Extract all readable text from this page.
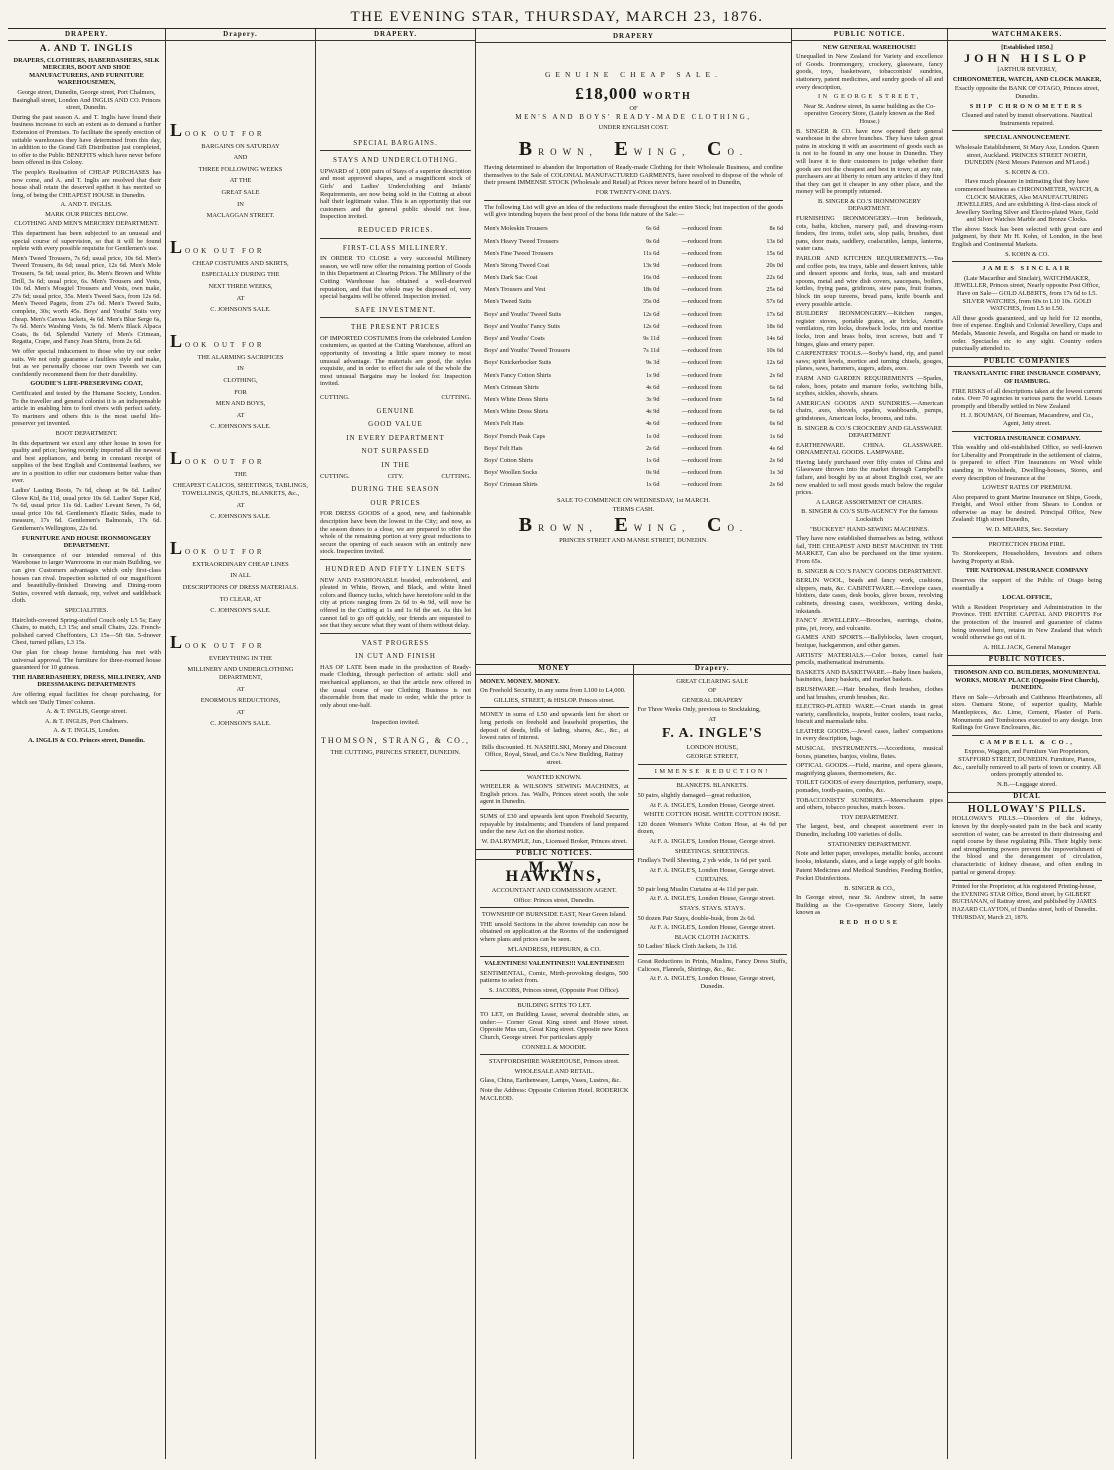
THE EVENING STAR, THURSDAY, MARCH 23, 1876.
DRAPERY.
A. AND T. INGLIS
DRAPERS, CLOTHIERS, HABERDASHERS, SILK MERCERS, BOOT AND SHOE MANUFACTURERS, AND FURNITURE WAREHOUSEMEN,
George street, Dunedin, George street, Port Chalmers, Basinghall street, London And INGLIS AND CO. Princes street, Dunedin.
During the past season A. and T. Inglis have found their business increase to such an extent as to demand a further Extension of Premises. To facilitate the speedy erection of suitable warehouses they have determined from this day, in addition to the Grand Gift Distribution just completed, to offer to the Public BENEFITS which have never before been offered in this Colony.
The people's Realisation of CHEAP PURCHASES has now come, and A. and T. Inglis are resolved that their house shall retain the deserved epithet it has merited so long, of being the CHEAPEST HOUSE in Dunedin.
A. AND T. INGLIS.
MARK OUR PRICES BELOW.
CLOTHING AND MEN'S MERCERY DEPARTMENT.
This department has been subjected to an unusual and special course of supervision, so that it will be found replete with every possible requisite for Gentlemen's use.
Men's Tweed Trousers, 7s 6d; usual price, 10s 6d. Men's Tweed Trousers, 8s 6d; usual price, 12s 6d. Men's Mole Trousers, 5s 6d; usual price, 8s. Men's Brown and White Drill, 3s 6d; usual price, 6s. Men's Trousers and Vests, 10s 6d. Men's Mosgiel Trousers and Vests, own make, 27s 6d; usual price, 35s. Men's Tweed Sacs, from 12s 6d. Men's Tweed Pagets, from 27s 6d. Men's Tweed Suits, complete, 30s; worth 45s. Boys' and Youths' Suits very cheap. Men's Canvas Jackets, 4s 6d. Men's Blue Serge 6s, 7s 6d. Men's Washing Vests, 3s 6d. Men's Black Alpaca Coats, 8s 6d. Splendid Variety of Men's Crimean, Regatta, Crape, and Fancy Jean Shirts, from 2s 6d.
We offer special inducement to those who try our order suits. We not only guarantee a faultless style and make, but as we personally choose our own Tweeds we can confidently recommend them for their durability.
GOUDIE'S LIFE-PRESERVING COAT,
Certificated and tested by the Humane Society, London. To the traveller and general colonist it is an indispensable article in enabling him to ford rivers with perfect safety. To mariners and others this is the most useful life-preserver yet invented.
BOOT DEPARTMENT.
In this department we excel any other house in town for quality and price; having recently imported all the newest and best appliances, and being in constant receipt of supplies of the best English and Continental leathers, we are in a position to offer our customers better value than ever.
Ladies' Lasting Boots, 7s 6d, cheap at 9s 6d. Ladies' Glove Kid, 8s 11d, usual price 10s 6d. Ladies' Super Kid, 7s 6d, usual price 11s 6d. Ladies' Levant Sewn, 7s 6d, usual price 10s 6d. Gentlemen's Elastic Sides, made to measure, 17s 6d. Gentlemen's Balmorals, 17s 6d. Gentlemen's Wellingtons, 22s 6d.
FURNITURE AND HOUSE IRONMONGERY DEPARTMENT.
In consequence of our intended removal of this Warehouse to larger Warerooms in our main Building, we can give Customers advantages which only first-class houses can rival. Inspection solicited of our magnificent and beautifully-finished Drawing and Dining-room Suites, covered with damask, rep, velvet and saddleback cloth.
SPECIALITIES.
Haircloth-covered Spring-stuffed Couch only L5 5s; Easy Chairs, to match, L3 15s; and small Chairs, 22s. French-polished carved Cheffoniers, L3 15s—5ft 6in. 5-drawer Chest, turned pillars, L3 15s.
Our plan for cheap house furnishing has met with universal approval. The furniture for three-roomed house guaranteed for 10 guineas.
THE HABERDASHERY, DRESS, MILLINERY, AND DRESSMAKING DEPARTMENTS
Are offering equal facilities for cheap purchasing, for which see 'Daily Times' column.
A. & T. INGLIS, George street.
A. & T. INGLIS, Port Chalmers.
A. & T. INGLIS, London.
A. INGLIS & CO. Princes street, Dunedin.
Drapery.
L OOK OUT FOR
BARGAINS ON SATURDAY
AND
THREE FOLLOWING WEEKS
AT THE
GREAT SALE
IN
MACLAGGAN STREET.
L OOK OUT FOR
CHEAP COSTUMES AND SKIRTS,
ESPECIALLY DURING THE
NEXT THREE WEEKS,
AT
C. JOHNSON'S SALE.
L OOK OUT FOR
THE ALARMING SACRIFICES
IN
CLOTHING,
FOR
MEN AND BOYS,
AT
C. JOHNSON'S SALE.
L OOK OUT FOR
THE
CHEAPEST CALICOS, SHEETINGS, TABLINGS, TOWELLINGS, QUILTS, BLANKETS, &c.,
AT
C. JOHNSON'S SALE.
L OOK OUT FOR
EXTRAORDINARY CHEAP LINES
IN ALL
DESCRIPTIONS OF DRESS MATERIALS.
TO CLEAR, AT
C. JOHNSON'S SALE.
L OOK OUT FOR
EVERYTHING IN THE
MILLINERY AND UNDERCLOTHING DEPARTMENT,
AT
ENORMOUS REDUCTIONS,
AT
C. JOHNSON'S SALE.
DRAPERY.
SPECIAL BARGAINS.
STAYS AND UNDERCLOTHING.
UPWARD of 1,000 pairs of Stays of a superior description and most approved shapes, and a magnificent stock of Girls' and Ladies' Underclothing and Infants' Requirements, are now being sold in the Cutting at about half their legitimate value. This is an opportunity that our customers and the general public should not lose. Inspection invited.
REDUCED PRICES.
FIRST-CLASS MILLINERY.
IN ORDER TO CLOSE a very successful Millinery season, we will now offer the remaining portion of Goods in this Department at Clearing Prices. The Millinery of the Cutting Warehouse has obtained a well-deserved reputation, and that the whole may be disposed of, very special bargains will be offered. Inspection invited.
SAFE INVESTMENT.
THE PRESENT PRICES
OF IMPORTED COSTUMES from the celebrated London costumiers, as quoted at the Cutting Warehouse, afford an opportunity of investing a little spare money to most unusual advantage. The materials are good, the styles exquisite, and in order to effect the sale of the whole the most unusual Bargains may be looked for. Inspection invited.
CUTTING.	CUTTING.
GENUINE
GOOD VALUE
IN EVERY DEPARTMENT
NOT SURPASSED
IN THE
CUTTING.	CITY.	CUTTING.
DURING THE SEASON
OUR PRICES
FOR DRESS GOODS of a good, new, and fashionable description have been the lowest in the City; and now, as the season draws to a close, we are prepared to offer the whole of the remaining portion at very great reductions to secure the opening of each season with an entirely new stock. Inspection invited.
HUNDRED AND FIFTY LINEN SETS
NEW AND FASHIONABLE braided, embroidered, and pleated in White, Brown, and Black, and white lined colors and fluency tucks, which have heretofore sold in the city at prices ranging from 2s 6d to 4s 9d, will now be offered in the Cutting at 1s and 1s 6d the set. As this lot cannot fail to go off quickly, our friends are requested to see that they secure what they want of them without delay.
VAST PROGRESS
IN CUT AND FINISH
HAS OF LATE been made in the production of Ready-made Clothing, through perfection of artistic skill and mechanical appliances, so that the article now offered in the usual course of our Clothing Business is not discernable from that made to order, while the price is only about one-half.
Inspection invited.
THOMSON, STRANG, & CO.,
THE CUTTING, PRINCES STREET, DUNEDIN.
DRAPERY
GENUINE CHEAP SALE.
£18,000 WORTH
OF
MEN'S AND BOYS' READY-MADE CLOTHING,
UNDER ENGLISH COST.
B ROWN,
E WING,
C O.
Having determined to abandon the Importation of Ready-made Clothing for their Wholesale Business, and confine themselves to the Sale of COLONIAL MANUFACTURED GARMENTS, have resolved to dispose of the whole of their present IMMENSE STOCK (Wholesale and Retail) at Prices never before heard of in Dunedin,
FOR TWENTY-ONE DAYS.
The following List will give an idea of the reductions made throughout the entire Stock; but inspection of the goods will give intending buyers the best proof of the bona fide nature of the Sale:—
Men's Moleskin Trousers	6s 6d	—reduced from	8s 6d
Men's Heavy Tweed Trousers	9s 6d	—reduced from	13s 6d
Men's Fine Tweed Trousers	11s 6d	—reduced from	15s 6d
Men's Strong Tweed Coat	13s 9d	—reduced from	20s 0d
Men's Dark Sac Coat	16s 0d	—reduced from	22s 6d
Men's Trousers and Vest	18s 0d	—reduced from	25s 6d
Men's Tweed Suits	35s 0d	—reduced from	57s 6d
Boys' and Youths' Tweed Suits	12s 6d	—reduced from	17s 6d
Boys' and Youths' Fancy Suits	12s 6d	—reduced from	18s 6d
Boys' and Youths' Coats	9s 11d	—reduced from	14s 6d
Boys' and Youths' Tweed Trousers	7s 11d	—reduced from	10s 6d
Boys' Knickerbocker Suits	9s 3d	—reduced from	12s 6d
Men's Fancy Cotton Shirts	1s 9d	—reduced from	2s 6d
Men's Crimean Shirts	4s 6d	—reduced from	6s 6d
Men's White Dress Shirts	3s 9d	—reduced from	5s 6d
Men's White Dress Shirts	4s 9d	—reduced from	6s 6d
Men's Felt Hats	4s 6d	—reduced from	6s 6d
Boys' French Peak Caps	1s 0d	—reduced from	1s 6d
Boys' Felt Hats	2s 6d	—reduced from	4s 6d
Boys' Cotton Shirts	1s 6d	—reduced from	2s 6d
Boys' Woollen Socks	0s 9d	—reduced from	1s 3d
Boys' Crimean Shirts	1s 6d	—reduced from	2s 6d
SALE TO COMMENCE ON WEDNESDAY, 1st MARCH.
TERMS CASH.
B ROWN,
E WING,
C O.
PRINCES STREET AND MANSE STREET, DUNEDIN.
MONEY
MONEY. MONEY. MONEY.
On Freehold Security, in any sums from L100 to L4,000.
GILLIES, STREET, & HISLOP. Princes street.
MONEY in sums of L50 and upwards lent for short or long periods on freehold and leasehold properties, the deposit of deeds, bills of lading, shares, &c., &c., at lowest rates of interest.
Bills discounted. H. NASHELSKI, Money and Discount Office, Royal, Stead, and Co.'s New Building, Rattray street.
WANTED KNOWN.
WHEELER & WILSON'S SEWING MACHINES, at English prices. Jas. Wall's, Princes street south, the sole agent in Dunedin.
SUMS of £30 and upwards lent upon Freehold Security, repayable by instalments; and Transfers of land prepared under the new Act on the shortest notice.
W. DALRYMPLE, Jun., Licensed Broker, Princes street.
PUBLIC NOTICES.
M. W. HAWKINS,
ACCOUNTANT AND COMMISSION AGENT.
Office: Princes street, Dunedin.
TOWNSHIP OF BURNSIDE EAST, Near Green Island.
THE unsold Sections in the above township can now be obtained on application at the Rooms of the undersigned where plans and prices can be seen.
M'LANDRESS, HEPBURN, & CO.
VALENTINES! VALENTINES!!! VALENTINES!!!
SENTIMENTAL, Comic, Mirth-provoking designs, 500 patterns to select from.
S. JACOBS, Princes street, (Opposite Post Office).
BUILDING SITES TO LET.
TO LET, on Building Lease, several desirable sites, as under:— Corner Great King street and Howe street. Opposite Mus um, Great King street. Opposite new Knox Church, George street. For particulars apply
CONNELL & MOODIE.
STAFFORDSHIRE WAREHOUSE, Princes street.
WHOLESALE AND RETAIL.
Glass, China, Earthenware, Lamps, Vases, Lustres, &c.
Note the Address: Opposite Criterion Hotel. RODERICK MACLEOD.
Drapery.
GREAT CLEARING SALE
OF
GENERAL DRAPERY
For Three Weeks Only, previous to Stocktaking,
AT
F. A. INGLE'S
LONDON HOUSE,
GEORGE STREET,
IMMENSE REDUCTION!
BLANKETS. BLANKETS.
50 pairs, slightly damaged—great reduction,
At F. A. INGLE'S, London House, George street.
WHITE COTTON HOSE. WHITE COTTON HOSE.
120 dozen Women's White Cotton Hose, at 4s 6d per dozen,
At F. A. INGLE'S, London House, George street.
SHEETINGS. SHEETINGS.
Findlay's Twill Sheeting, 2 yds wide, 1s 6d per yard.
At F. A. INGLE'S, London House, George street.
CURTAINS.
50 pair long Muslin Curtains at 4s 11d per pair.
At F. A. INGLE'S, London House, George street.
STAYS. STAYS. STAYS.
50 dozen Pair Stays, double-busk, from 2s 6d.
At F. A. INGLE'S, London House, George street.
BLACK CLOTH JACKETS.
50 Ladies' Black Cloth Jackets, 3s 11d.
Great Reductions in Prints, Muslins, Fancy Dress Stuffs, Calicoes, Flannels, Shirtings, &c., &c.
At F. A. INGLE'S, London House, George street, Dunedin.
PUBLIC NOTICE.
NEW GENERAL WAREHOUSE!
Unequalled in New Zealand for Variety and excellence of Goods. Ironmongery, crockery, glassware, fancy goods, toys, basketware, tobacconists' sundries, stationery, patent medicines, and sundry goods of all and every description,
IN GEORGE STREET,
Near St. Andrew street, In same building as the Co-operative Grocery Store, (Lately known as the Red House.)
B. SINGER & CO. have now opened their general warehouse in the above branches. They have taken great pains in stocking it with an assortment of goods such as is not to be found in any one house in Dunedin. They will leave it to their customers to judge whether their goods are not the cheapest and best in town; at any rate, purchasers are at liberty to return any articles if they find that they can get it cheaper in any other place, and the money will be promptly returned.
B. SINGER & CO.'S IRONMONGERY DEPARTMENT.
FURNISHING IRONMONGERY.—Iron bedsteads, cots, baths, kitchen, nursery pail, and drawing-room fenders, fire irons, toilet sets, slop pails, brushes, dust pans, door mats, saddlery, coalscuttles, lamps, lanterns, water cans.
PARLOR AND KITCHEN REQUIREMENTS.—Tea and coffee pots, tea trays, table and dessert knives, table and dessert spoons and forks, teas, salt and mustard spoons, metal and wire dish covers, saucepans, boilers, kettles, frying pans, gridirons, stew pans, fruit frames, block tin soup tureens, bread pans, knife boards and every possible article.
BUILDERS' IRONMONGERY.—Kitchen ranges, register stoves, portable grates, air bricks, Arnott's ventilators, rim locks, drawback locks, rim and mortise locks, iron and brass bolts, iron screws, butt and T hinges, glass and emery paper.
CARPENTERS' TOOLS.—Sorby's hand, rip, and panel saws; spirit levels, mortice and turning chisels, gouges, planes, saws, hammers, augers, adzes, axes.
FARM AND GARDEN REQUIREMENTS —Spades, rakes, hoes, potato and manure forks, switching bills, scythes, sickles, shovels, shears.
AMERICAN GOODS AND SUNDRIES.—American chairs, axes, shovels, spades, washboards, pumps, grindstones, American locks, brooms, and tubs.
B. SINGER & CO.'S CROCKERY AND GLASSWARE DEPARTMENT
EARTHENWARE. CHINA. GLASSWARE. ORNAMENTAL GOODS. LAMPWARE.
Having lately purchased over fifty crates of China and Glassware thrown into the market through Campbell's failure, and bought by us at about English cost, we are now enabled to sell most goods much below the regular prices.
A LARGE ASSORTMENT OF CHAIRS.
B. SINGER & CO.'S SUB-AGENCY For the famous Lockstitch
"BUCKEYE" HAND-SEWING MACHINES.
They have now established themselves as being, without fail, THE CHEAPEST AND BEST MACHINE IN THE MARKET, Can also be purchased on the time system. From 65s.
B. SINGER & CO.'S FANCY GOODS DEPARTMENT.
BERLIN WOOL, beads and fancy work, cushions, slippers, mats, &c. CABINETWARE.—Envelope cases, blotters, date cases, desk books, glove boxes, revolving cabinets, dressing cases, workboxes, writing desks, inkstands.
FANCY JEWELLERY.—Brooches, earrings, chains, pins, jet, ivory, and vulcanite.
GAMES AND SPORTS.—Ballyblocks, lawn croquet, bezique, backgammon, and other games.
ARTISTS' MATERIALS.—Color boxes, camel hair pencils, mathematical instruments.
BASKETS AND BASKETWARE.—Baby linen baskets, basinettes, fancy baskets, and market baskets.
BRUSHWARE.—Hair brushes, flesh brushes, clothes and hat brushes, crumb brushes, &c.
ELECTRO-PLATED WARE.—Cruet stands in great variety, candlesticks, teapots, butter coolers, toast racks, biscuit and marmalade tubs.
LEATHER GOODS.—Jewel cases, ladies' companions in every description, bags.
MUSICAL INSTRUMENTS.—Accordions, musical boxes, pianettes, banjos, violins, flutes.
OPTICAL GOODS.—Field, marine, and opera glasses, magnifying glasses, thermometers, &c.
TOILET GOODS of every description, perfumery, soaps, pomades, tooth-pastes, combs, &c.
TOBACCONISTS' SUNDRIES.—Meerschaum pipes and others, tobacco pouches, match boxes.
TOY DEPARTMENT.
The largest, best, and cheapest assortment ever in Dunedin, including 100 varieties of dolls.
STATIONERY DEPARTMENT.
Note and letter paper, envelopes, metallic books, account books, inkstands, slates, and a large supply of gift books.
Patent Medicines and Medical Sundries, Feeding Bottles, Pocket Disinfections.
B. SINGER & CO.,
In George street, near St. Andrew street, In same Building as the Co-operative Grocery Store, lately known as
RED HOUSE
WATCHMAKERS.
[Established 1850.]
JOHN HISLOP
[ARTHUR BEVERLY,
CHRONOMETER, WATCH, AND CLOCK MAKER,
Exactly opposite the BANK OF OTAGO, Princes street, Dunedin.
SHIP CHRONOMETERS
Cleaned and rated by transit observations. Nautical Instruments repaired.
SPECIAL ANNOUNCEMENT.
Wholesale Establishment, St Mary Axe, London. Queen street, Auckland. PRINCES STREET NORTH, DUNEDIN (Next Messrs Paterson and M'Leod.)
S. KOHN & CO.
Have much pleasure in intimating that they have commenced business as CHRONOMETER, WATCH, & CLOCK MAKERS, Also MANUFACTURING JEWELLERS, And are exhibiting A first-class stock of Jewellery Sterling Silver and Electro-plated Ware, Gold and Silver Watches Marble and Bronze Clocks.
The above Stock has been selected with great care and judgment, by their Mr H. Kohn, of London, in the best English and Continental Markets.
S. KOHN & CO.
JAMES SINCLAIR
(Late Macarthur and Sinclair), WATCHMAKER, JEWELLER, Princes street, Nearly opposite Post Office, Have on Sale— GOLD ALBERTS, from 17s 6d to L5. SILVER WATCHES, from 60s to L10 10s. GOLD WATCHES, from L5 to L50.
All these goods guaranteed, and up held for 12 months, free of expense. English and Colonial Jewellery, Cups and Medals, Masonic Jewels, and Regalia on hand or made to order. Spectacles etc to any sight. Country orders punctually attended to.
PUBLIC COMPANIES
TRANSATLANTIC FIRE INSURANCE COMPANY, OF HAMBURG.
FIRE RISKS of all descriptions taken at the lowest current rates. Over 70 agencies in various parts the world. Losses promptly and liberally settled in New Zealand
H. J. BOUMAN, Of Bouman, Macandrew, and Co., Agent, Jetty street.
VICTORIA INSURANCE COMPANY.
This wealthy and old-established Office, so well-known for Liberality and Promptitude in the settlement of claims, is prepared to effect Fire Insurances on Wool while standing in Woolsheds, Dwelling-houses, Stores, and every description of Insurance at the
LOWEST RATES OF PREMIUM.
Also prepared to grant Marine Insurance on Ships, Goods, Freight, and Wool either from Shears to London or otherwise as may be desired. Principal Office, New Zealand: High street Dunedin,
W. D. MEARES, Sec. Secretary
PROTECTION FROM FIRE.
To Storekeepers, Householders, Investors and others having Property at Risk.
THE NATIONAL INSURANCE COMPANY
Deserves the support of the Public of Otago being essentially a
LOCAL OFFICE,
With a Resident Proprietary and Administration in the Province. THE ENTIRE CAPITAL AND PROFITS For the protection of the insured and guarantee of claims being invested here, retains in New Zealand that which would otherwise go out of it.
A. HILL JACK, General Manager
PUBLIC NOTICES.
THOMSON AND CO. BUILDERS, MONUMENTAL WORKS, MORAY PLACE (Opposite First Church), DUNEDIN.
Have on Sale—Arbroath and Caithness Hearthstones, all sizes. Oamaru Stone, of superior quality, Marble Mantlepieces, &c. Lime, Cement, Plaster of Paris. Monuments and Tombstones executed to any design. Iron Railings for Grave Enclosures, &c.
CAMPBELL & CO.,
Express, Waggon, and Furniture Van Proprietors, STAFFORD STREET, DUNEDIN. Furniture, Pianos, &c., carefully removed to all parts of town or country. All orders promptly attended to.
N.B.—Luggage stored.
DICAL
HOLLOWAY'S PILLS.
HOLLOWAY'S PILLS.—Disorders of the kidneys, known by the deeply-seated pain in the back and scanty secretion of water, can be arrested in their distressing and rapid course by these regulating Pills. Their highly tonic and strengthening powers prevent the impoverishment of the blood and the derangement of circulation, characteristic of kidney disease, and often ending in partial or general dropsy.
Printed for the Proprietor, at his registered Printing-house, the EVENING STAR Office, Bond street, by GILBERT BUCHANAN, of Rattray street, and published by JAMES HAZARD CLAYTON, of Dundas street, both of Dunedin. THURSDAY, March 23, 1876.
